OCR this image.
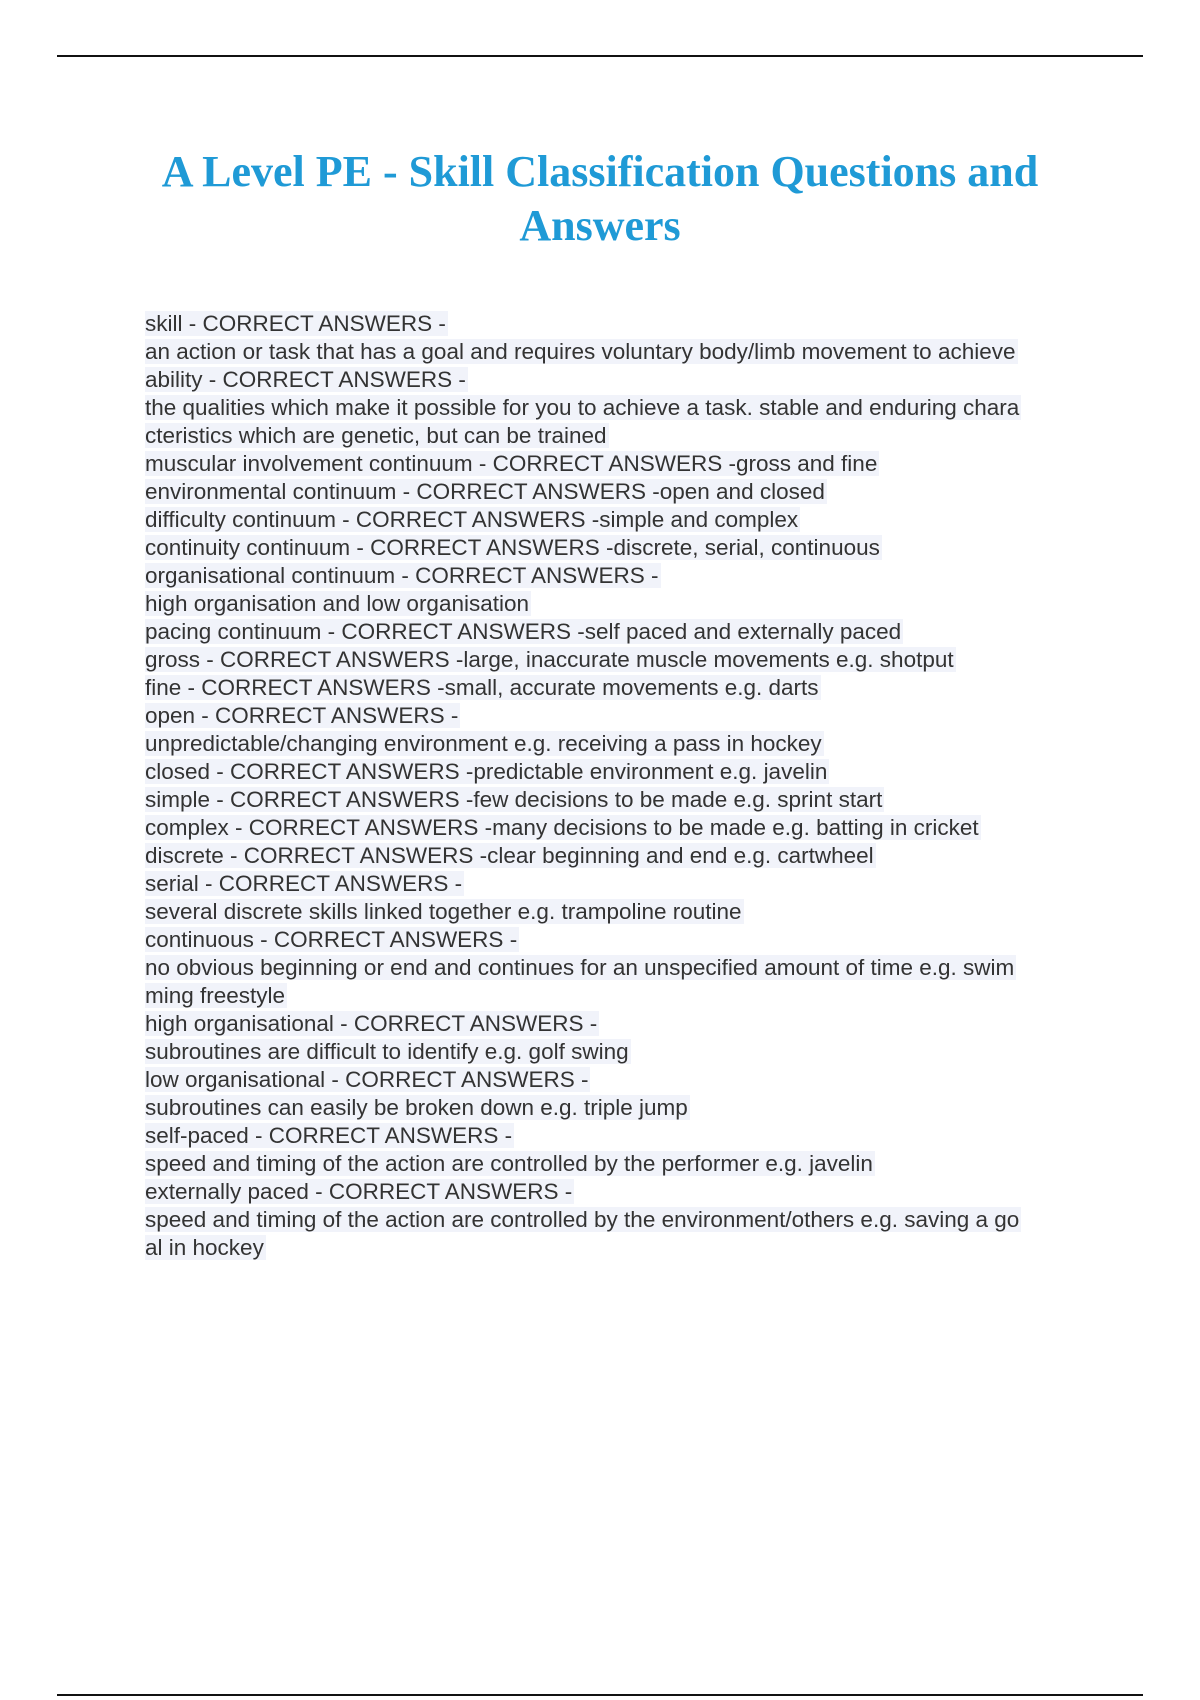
A Level PE - Skill Classification Questions and Answers
skill - CORRECT ANSWERS -
an action or task that has a goal and requires voluntary body/limb movement to achieve
ability - CORRECT ANSWERS -
the qualities which make it possible for you to achieve a task. stable and enduring chara
cteristics which are genetic, but can be trained
muscular involvement continuum - CORRECT ANSWERS -gross and fine
environmental continuum - CORRECT ANSWERS -open and closed
difficulty continuum - CORRECT ANSWERS -simple and complex
continuity continuum - CORRECT ANSWERS -discrete, serial, continuous
organisational continuum - CORRECT ANSWERS -
high organisation and low organisation
pacing continuum - CORRECT ANSWERS -self paced and externally paced
gross - CORRECT ANSWERS -large, inaccurate muscle movements e.g. shotput
fine - CORRECT ANSWERS -small, accurate movements e.g. darts
open - CORRECT ANSWERS -
unpredictable/changing environment e.g. receiving a pass in hockey
closed - CORRECT ANSWERS -predictable environment e.g. javelin
simple - CORRECT ANSWERS -few decisions to be made e.g. sprint start
complex - CORRECT ANSWERS -many decisions to be made e.g. batting in cricket
discrete - CORRECT ANSWERS -clear beginning and end e.g. cartwheel
serial - CORRECT ANSWERS -
several discrete skills linked together e.g. trampoline routine
continuous - CORRECT ANSWERS -
no obvious beginning or end and continues for an unspecified amount of time e.g. swim
ming freestyle
high organisational - CORRECT ANSWERS -
subroutines are difficult to identify e.g. golf swing
low organisational - CORRECT ANSWERS -
subroutines can easily be broken down e.g. triple jump
self-paced - CORRECT ANSWERS -
speed and timing of the action are controlled by the performer e.g. javelin
externally paced - CORRECT ANSWERS -
speed and timing of the action are controlled by the environment/others e.g. saving a go
al in hockey
